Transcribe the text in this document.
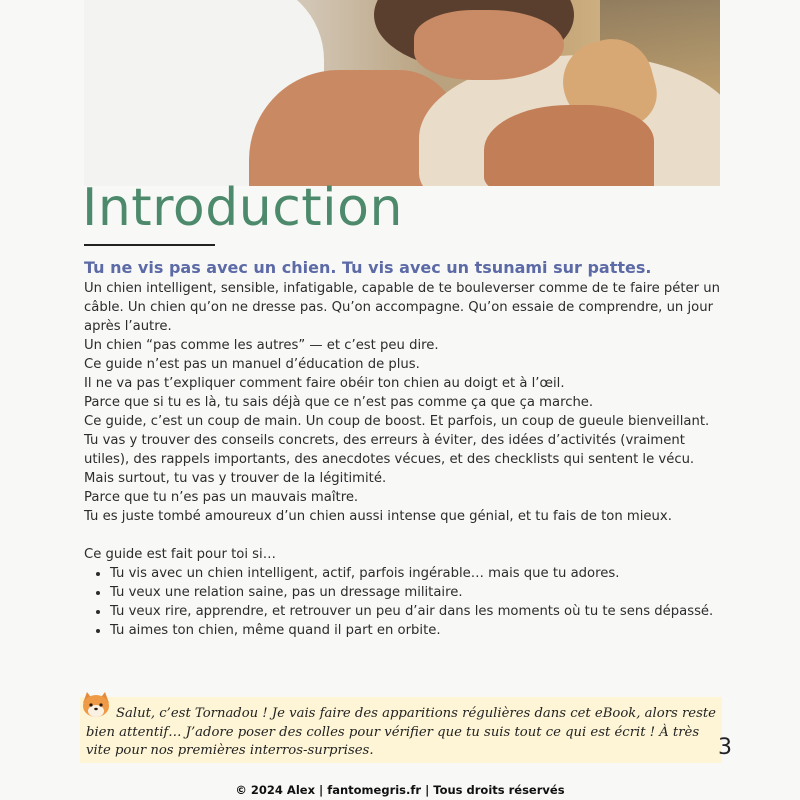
Introduction
Tu ne vis pas avec un chien. Tu vis avec un tsunami sur pattes.

Un chien intelligent, sensible, infatigable, capable de te bouleverser comme de te faire péter un câble. Un chien qu’on ne dresse pas. Qu’on accompagne. Qu’on essaie de comprendre, un jour après l’autre.

Un chien “pas comme les autres” — et c’est peu dire.

Ce guide n’est pas un manuel d’éducation de plus.

Il ne va pas t’expliquer comment faire obéir ton chien au doigt et à l’œil.

Parce que si tu es là, tu sais déjà que ce n’est pas comme ça que ça marche.

Ce guide, c’est un coup de main. Un coup de boost. Et parfois, un coup de gueule bienveillant. Tu vas y trouver des conseils concrets, des erreurs à éviter, des idées d’activités (vraiment utiles), des rappels importants, des anecdotes vécues, et des checklists qui sentent le vécu. Mais surtout, tu vas y trouver de la légitimité.

Parce que tu n’es pas un mauvais maître.

Tu es juste tombé amoureux d’un chien aussi intense que génial, et tu fais de ton mieux.

Ce guide est fait pour toi si…

• Tu vis avec un chien intelligent, actif, parfois ingérable… mais que tu adores.
• Tu veux une relation saine, pas un dressage militaire.
• Tu veux rire, apprendre, et retrouver un peu d’air dans les moments où tu te sens dépassé.
• Tu aimes ton chien, même quand il part en orbite.
Salut, c’est Tornadou ! Je vais faire des apparitions régulières dans cet eBook, alors reste bien attentif… J’adore poser des colles pour vérifier que tu suis tout ce qui est écrit ! À très vite pour nos premières interros-surprises.	3
© 2024 Alex | fantomegris.fr | Tous droits réservés
